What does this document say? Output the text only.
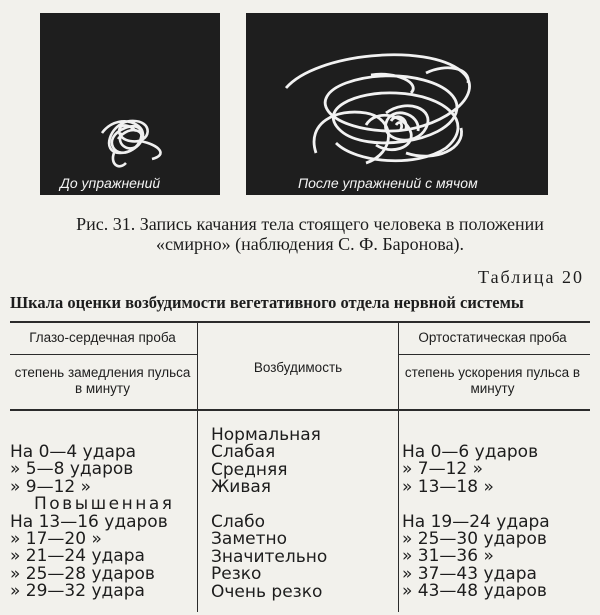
До упражнений	После упражнений с мячом
Рис. 31. Запись качания тела стоящего человека в положении «смирно» (наблюдения С. Ф. Баронова).
Таблица 20
Шкала оценки возбудимости вегетативного отдела нервной системы
Глазо-сердечная проба
степень замедления пульса в минуту
Возбудимость
Ортостатическая проба
степень ускорения пульса в минуту
На 0—4 удара
» 5—8 ударов
» 9—12 »
Повышенная
На 13—16 ударов
» 17—20 »
» 21—24 удара
» 25—28 ударов
» 29—32 удара
Нормальная
Слабая
Средняя
Живая
Слабо
Заметно
Значительно
Резко
Очень резко
На 0—6 ударов
» 7—12 »
» 13—18 »
На 19—24 удара
» 25—30 ударов
» 31—36 »
» 37—43 удара
» 43—48 ударов
